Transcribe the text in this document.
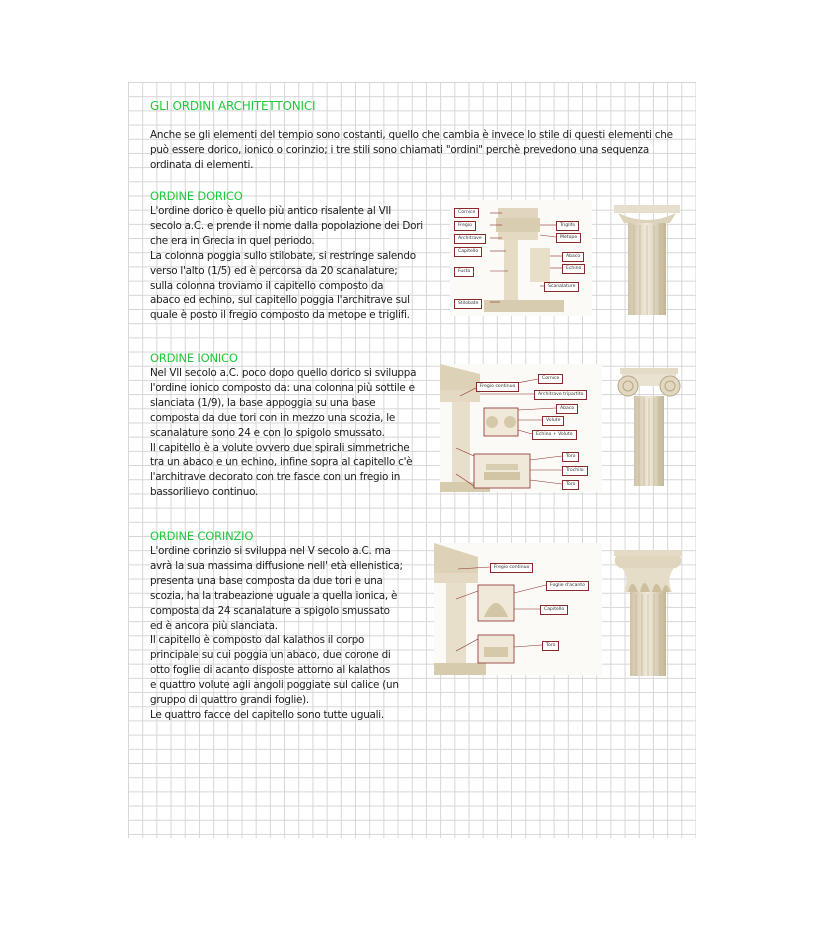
GLI ORDINI ARCHITETTONICI
Anche se gli elementi del tempio sono costanti, quello che cambia è invece lo stile di questi elementi che
può essere dorico, ionico o corinzio; i tre stili sono chiamati "ordini" perchè prevedono una sequenza
ordinata di elementi.
ORDINE DORICO
L'ordine dorico è quello più antico risalente al VII
secolo a.C. e prende il nome dalla popolazione dei Dori
che era in Grecia in quel periodo.
La colonna poggia sullo stilobate, si restringe salendo
verso l'alto (1/5) ed è percorsa da 20 scanalature;
sulla colonna troviamo il capitello composto da
abaco ed echino, sul capitello poggia l'architrave sul
quale è posto il fregio composto da metope e triglifi.
Cornice
Fregio
Architrave
Capitello
Fusto
Stilobate
Triglifo
Metope
Abaco
Echino
Scanalature
ORDINE IONICO
Nel VII secolo a.C. poco dopo quello dorico si sviluppa
l'ordine ionico composto da: una colonna più sottile e
slanciata (1/9), la base appoggia su una base
composta da due tori con in mezzo una scozia, le
scanalature sono 24 e con lo spigolo smussato.
Il capitello è a volute ovvero due spirali simmetriche
tra un abaco e un echino, infine sopra al capitello c'è
l'architrave decorato con tre fasce con un fregio in
bassorilievo continuo.
Fregio continuo
Cornice
Architrave tripartito
Abaco
Volute
Echino + Volute
Toro
Trochilo
Toro
ORDINE CORINZIO
L'ordine corinzio si sviluppa nel V secolo a.C. ma
avrà la sua massima diffusione nell' età ellenistica;
presenta una base composta da due tori e una
scozia, ha la trabeazione uguale a quella ionica, è
composta da 24 scanalature a spigolo smussato
ed è ancora più slanciata.
Il capitello è composto dal kalathos il corpo
principale su cui poggia un abaco, due corone di
otto foglie di acanto disposte attorno al kalathos
e quattro volute agli angoli poggiate sul calice (un
gruppo di quattro grandi foglie).
Le quattro facce del capitello sono tutte uguali.
Fregio continuo
Foglie d'acanto
Capitello
Toro
